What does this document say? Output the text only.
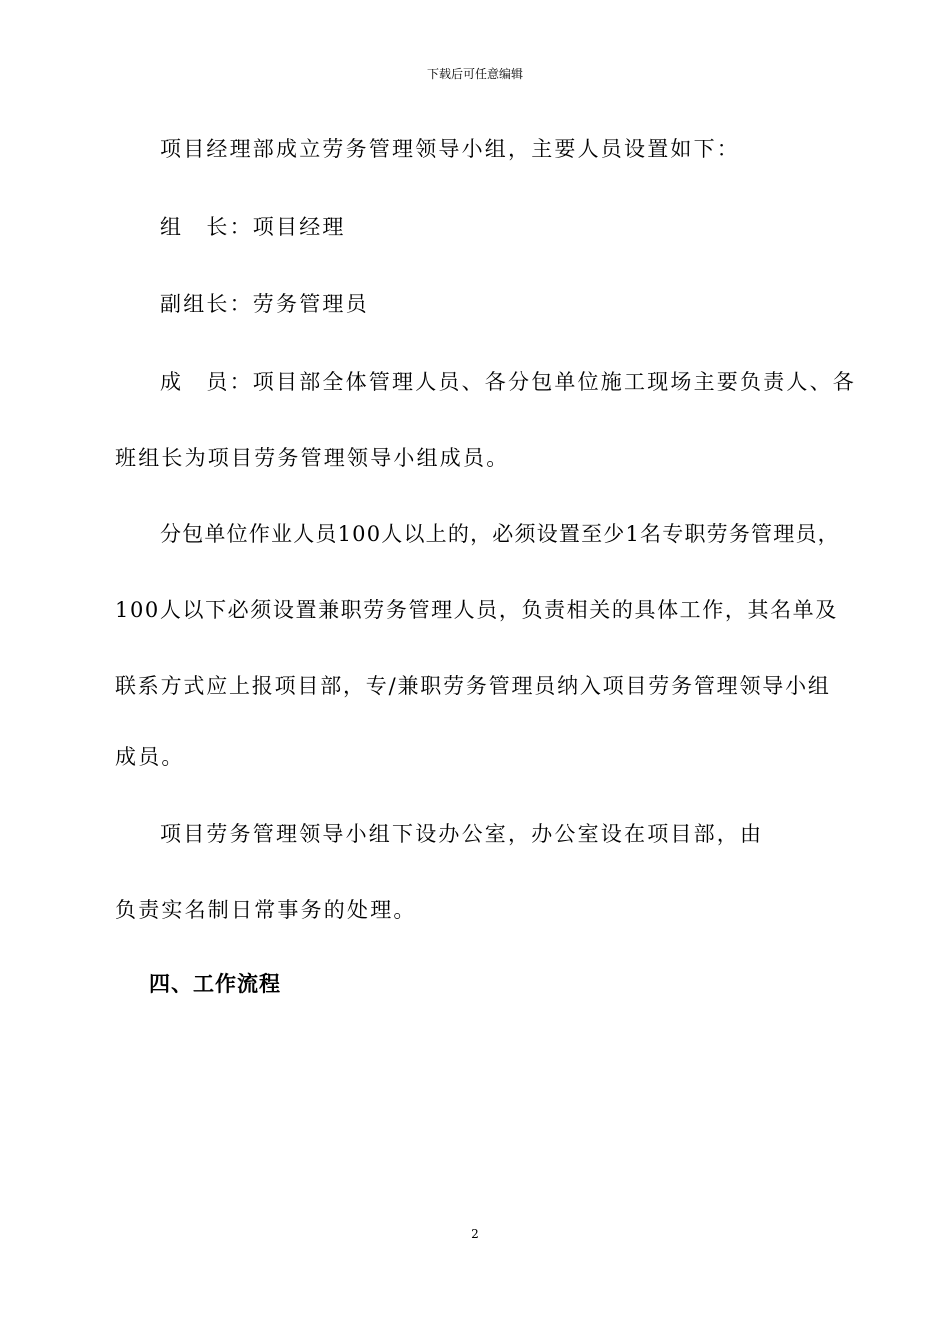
下载后可任意编辑
项目经理部成立劳务管理领导小组，主要人员设置如下：
组　长：项目经理
副组长：劳务管理员
成　员：项目部全体管理人员、各分包单位施工现场主要负责人、各
班组长为项目劳务管理领导小组成员。
分包单位作业人员100人以上的，必须设置至少1名专职劳务管理员，
100人以下必须设置兼职劳务管理人员，负责相关的具体工作，其名单及
联系方式应上报项目部，专/兼职劳务管理员纳入项目劳务管理领导小组
成员。
项目劳务管理领导小组下设办公室，办公室设在项目部，由
负责实名制日常事务的处理。
四、工作流程
2
